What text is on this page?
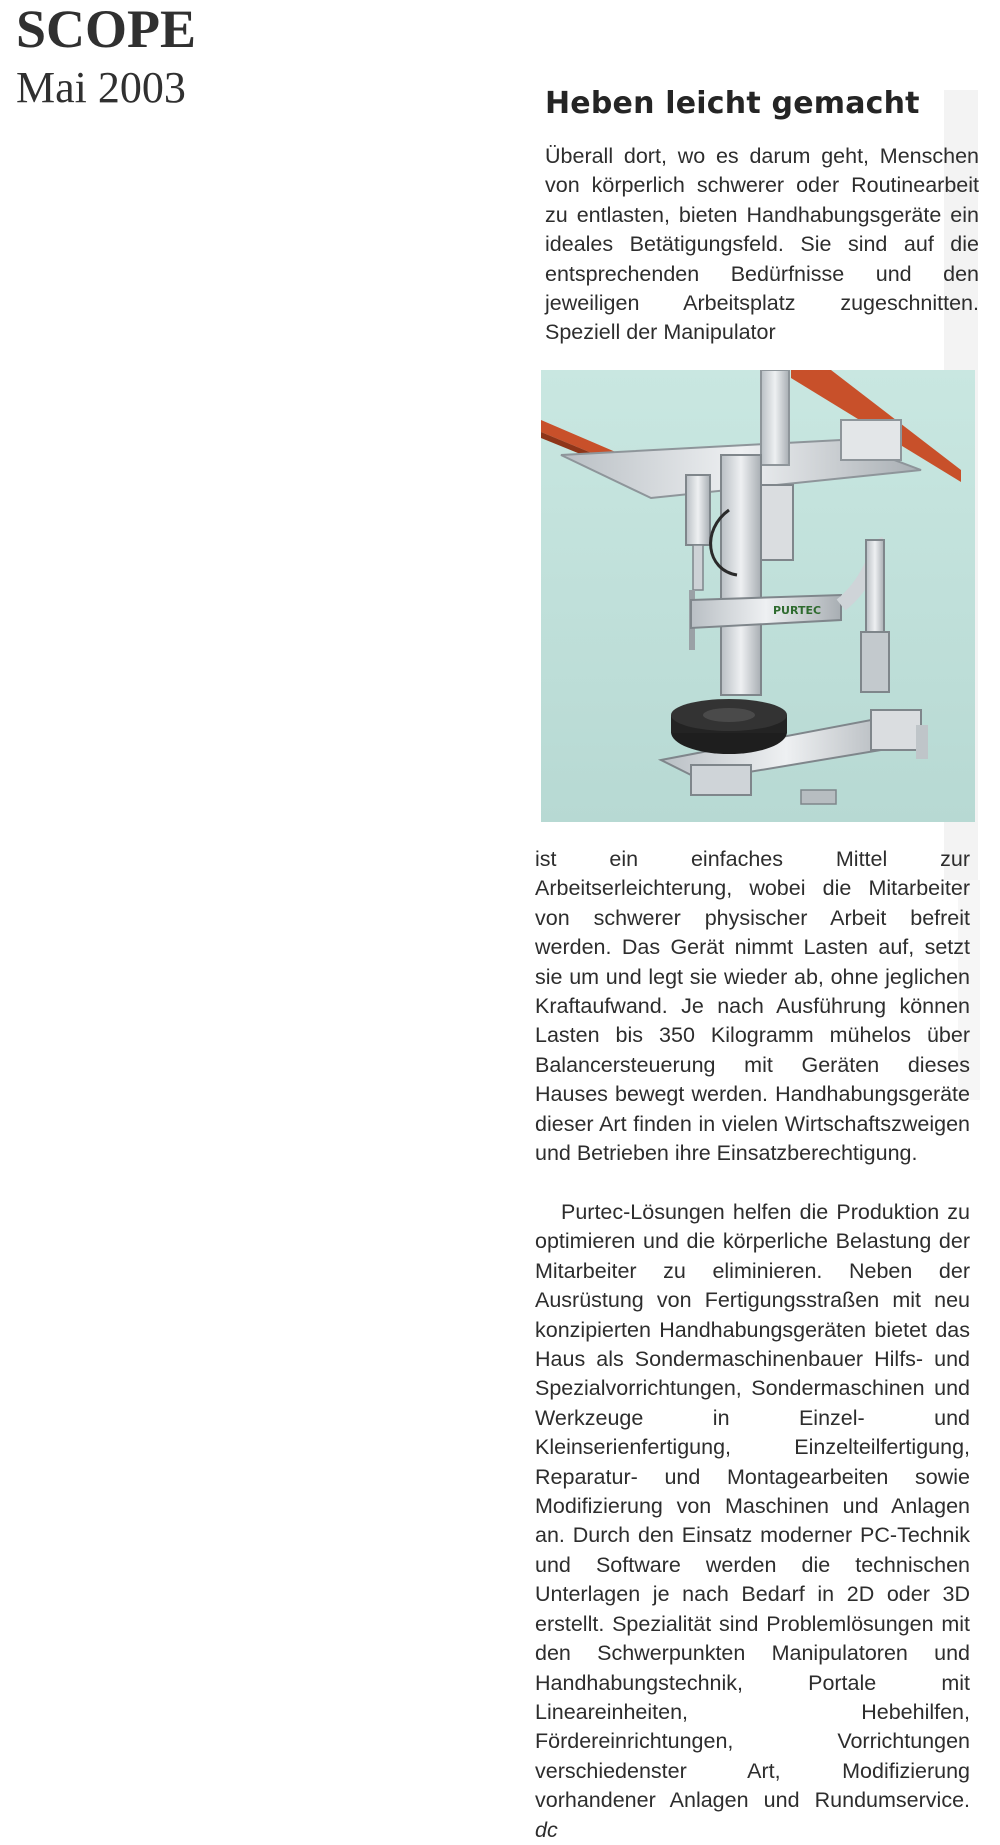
SCOPE

Mai 2003	Heben leicht gemacht

Überall dort, wo es darum geht, Menschen von körperlich schwerer oder Routinearbeit zu entlasten, bieten Handhabungsgeräte ein ideales Betätigungsfeld. Sie sind auf die entsprechenden Bedürfnisse und den jeweiligen Arbeitsplatz zugeschnitten. Speziell der Manipulator

PURTEC

ist ein einfaches Mittel zur Arbeitserleichterung, wobei die Mitarbeiter von schwerer physischer Arbeit befreit werden. Das Gerät nimmt Lasten auf, setzt sie um und legt sie wieder ab, ohne jeglichen Kraftaufwand. Je nach Ausführung können Lasten bis 350 Kilogramm mühelos über Balancersteuerung mit Geräten dieses Hauses bewegt werden. Handhabungsgeräte dieser Art finden in vielen Wirtschaftszweigen und Betrieben ihre Einsatzberechtigung.

Purtec-Lösungen helfen die Produktion zu optimieren und die körperliche Belastung der Mitarbeiter zu eliminieren. Neben der Ausrüstung von Fertigungsstraßen mit neu konzipierten Handhabungsgeräten bietet das Haus als Sondermaschinenbauer Hilfs- und Spezialvorrichtungen, Sondermaschinen und Werkzeuge in Einzel- und Kleinserienfertigung, Einzelteilfertigung, Reparatur- und Montagearbeiten sowie Modifizierung von Maschinen und Anlagen an. Durch den Einsatz moderner PC-Technik und Software werden die technischen Unterlagen je nach Bedarf in 2D oder 3D erstellt. Spezialität sind Problemlösungen mit den Schwerpunkten Manipulatoren und Handhabungstechnik, Portale mit Lineareinheiten, Hebehilfen, Fördereinrichtungen, Vorrichtungen verschiedenster Art, Modifizierung vorhandener Anlagen und Rundumservice. dc
